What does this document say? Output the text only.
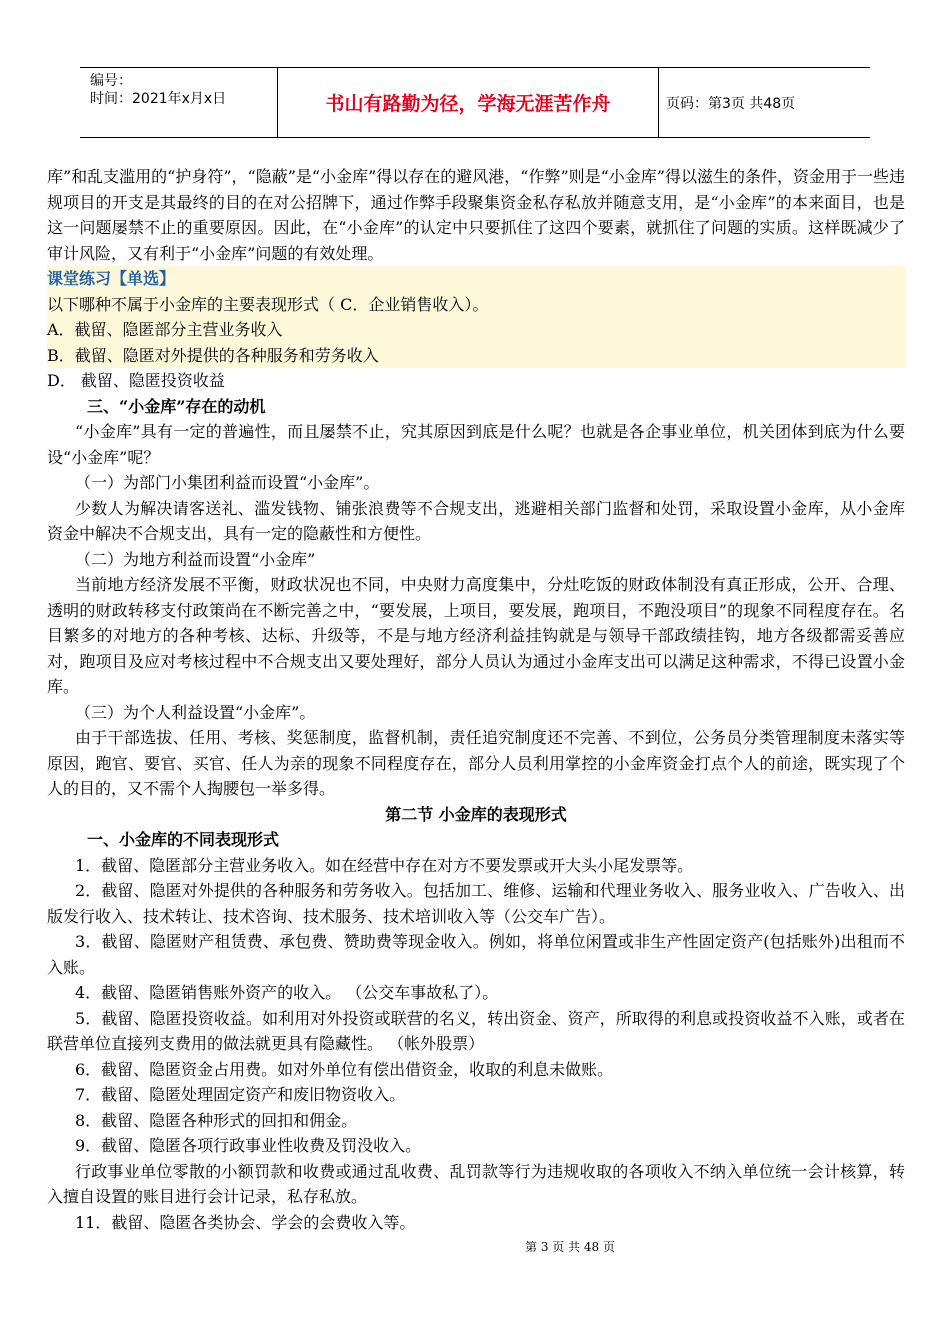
编号：
时间：2021年x月x日	书山有路勤为径，学海无涯苦作舟	页码：第3页 共48页

库”和乱支滥用的“护身符”，“隐蔽”是“小金库”得以存在的避风港，“作弊”则是“小金库”得以滋生的条件，资金用于一些违规项目的开支是其最终的目的在对公招牌下，通过作弊手段聚集资金私存私放并随意支用，是“小金库”的本来面目，也是这一问题屡禁不止的重要原因。因此，在“小金库”的认定中只要抓住了这四个要素，就抓住了问题的实质。这样既减少了审计风险，又有利于“小金库”问题的有效处理。

课堂练习【单选】

以下哪种不属于小金库的主要表现形式（ C．企业销售收入）。

A．截留、隐匿部分主营业务收入

B．截留、隐匿对外提供的各种服务和劳务收入

D． 截留、隐匿投资收益

三、“小金库”存在的动机

“小金库”具有一定的普遍性，而且屡禁不止，究其原因到底是什么呢？也就是各企事业单位，机关团体到底为什么要设“小金库”呢？

（一）为部门小集团利益而设置“小金库”。

少数人为解决请客送礼、滥发钱物、铺张浪费等不合规支出，逃避相关部门监督和处罚，采取设置小金库，从小金库资金中解决不合规支出，具有一定的隐蔽性和方便性。

（二）为地方利益而设置“小金库”

当前地方经济发展不平衡，财政状况也不同，中央财力高度集中，分灶吃饭的财政体制没有真正形成，公开、合理、透明的财政转移支付政策尚在不断完善之中，“要发展，上项目，要发展，跑项目，不跑没项目”的现象不同程度存在。名目繁多的对地方的各种考核、达标、升级等，不是与地方经济利益挂钩就是与领导干部政绩挂钩，地方各级都需妥善应对，跑项目及应对考核过程中不合规支出又要处理好，部分人员认为通过小金库支出可以满足这种需求，不得已设置小金库。

（三）为个人利益设置“小金库”。

由于干部选拔、任用、考核、奖惩制度，监督机制，责任追究制度还不完善、不到位，公务员分类管理制度未落实等原因，跑官、要官、买官、任人为亲的现象不同程度存在，部分人员利用掌控的小金库资金打点个人的前途，既实现了个人的目的，又不需个人掏腰包一举多得。

第二节 小金库的表现形式

一、小金库的不同表现形式

1．截留、隐匿部分主营业务收入。如在经营中存在对方不要发票或开大头小尾发票等。

2．截留、隐匿对外提供的各种服务和劳务收入。包括加工、维修、运输和代理业务收入、服务业收入、广告收入、出版发行收入、技术转让、技术咨询、技术服务、技术培训收入等（公交车广告）。

3．截留、隐匿财产租赁费、承包费、赞助费等现金收入。例如，将单位闲置或非生产性固定资产(包括账外)出租而不入账。

4．截留、隐匿销售账外资产的收入。 （公交车事故私了）。

5．截留、隐匿投资收益。如利用对外投资或联营的名义，转出资金、资产，所取得的利息或投资收益不入账，或者在联营单位直接列支费用的做法就更具有隐藏性。 （帐外股票）

6．截留、隐匿资金占用费。如对外单位有偿出借资金，收取的利息未做账。

7．截留、隐匿处理固定资产和废旧物资收入。

8．截留、隐匿各种形式的回扣和佣金。

9．截留、隐匿各项行政事业性收费及罚没收入。

行政事业单位零散的小额罚款和收费或通过乱收费、乱罚款等行为违规收取的各项收入不纳入单位统一会计核算，转入擅自设置的账目进行会计记录，私存私放。

11．截留、隐匿各类协会、学会的会费收入等。

第 3 页 共 48 页
